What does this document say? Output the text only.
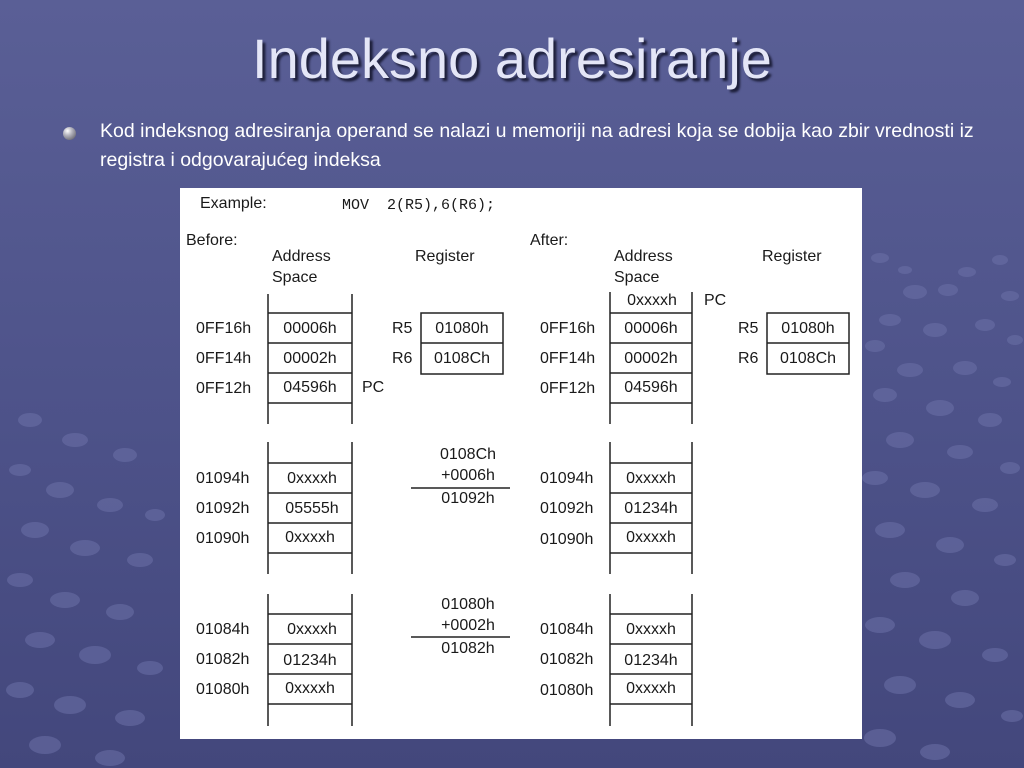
Indeksno adresiranje
Kod indeksnog adresiranja operand se nalazi u memoriji na adresi koja se dobija kao zbir vrednosti iz registra i odgovarajućeg indeksa
Example:	MOV  2(R5),6(R6);
Before:
Address
Space
Register
0FF16h
0FF14h
0FF12h
00006h
00002h
04596h PC
R5
R6
01080h
0108Ch
01094h
01092h
01090h
0xxxxh
05555h
0xxxxh
01084h
01082h
01080h
0xxxxh
01234h
0xxxxh
0108Ch
+0006h
01092h
01080h
+0002h
01082h
After:
Address
Space
Register
0xxxxh PC
0FF16h
0FF14h
0FF12h
00006h
00002h
04596h
R5
R6
01080h
0108Ch
01094h
01092h
01090h
0xxxxh
01234h
0xxxxh
01084h
01082h
01080h
0xxxxh
01234h
0xxxxh
